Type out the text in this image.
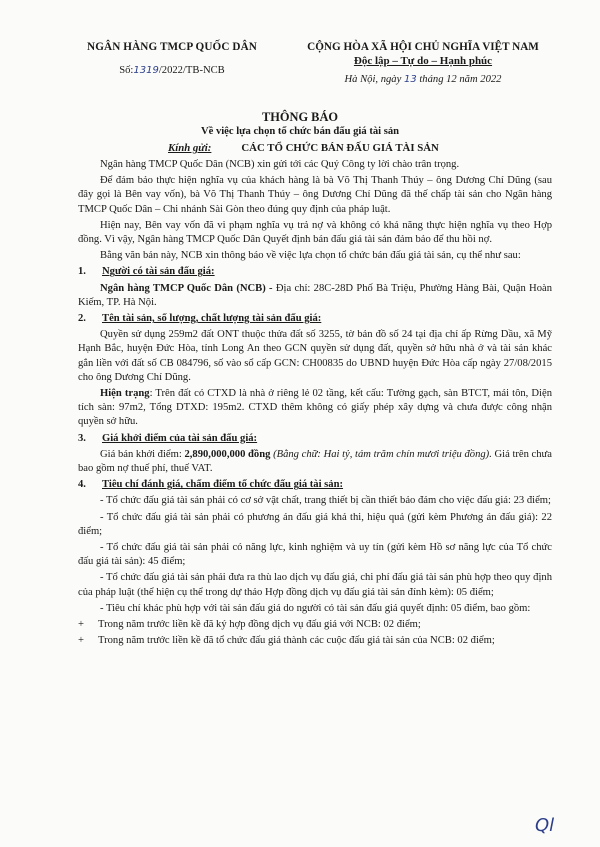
NGÂN HÀNG TMCP QUỐC DÂN
Số:1319/2022/TB-NCB
CỘNG HÒA XÃ HỘI CHỦ NGHĨA VIỆT NAM
Độc lập – Tự do – Hạnh phúc
Hà Nội, ngày 13 tháng 12 năm 2022
THÔNG BÁO
Về việc lựa chọn tổ chức bán đấu giá tài sản
Kính gửi:	CÁC TỔ CHỨC BÁN ĐẤU GIÁ TÀI SẢN

Ngân hàng TMCP Quốc Dân (NCB) xin gửi tới các Quý Công ty lời chào trân trọng.

Để đảm bảo thực hiện nghĩa vụ của khách hàng là bà Võ Thị Thanh Thúy – ông Dương Chí Dũng (sau đây gọi là Bên vay vốn), bà Võ Thị Thanh Thúy – ông Dương Chí Dũng đã thế chấp tài sản cho Ngân hàng TMCP Quốc Dân – Chi nhánh Sài Gòn theo đúng quy định của pháp luật.

Hiện nay, Bên vay vốn đã vi phạm nghĩa vụ trả nợ và không có khả năng thực hiện nghĩa vụ theo Hợp đồng. Vì vậy, Ngân hàng TMCP Quốc Dân Quyết định bán đấu giá tài sản đảm bảo để thu hồi nợ.

Bằng văn bản này, NCB xin thông báo về việc lựa chọn tổ chức bán đấu giá tài sản, cụ thể như sau:

1.	Người có tài sản đấu giá:

Ngân hàng TMCP Quốc Dân (NCB) - Địa chỉ: 28C-28D Phố Bà Triệu, Phường Hàng Bài, Quận Hoàn Kiếm, TP. Hà Nội.

2.	Tên tài sản, số lượng, chất lượng tài sản đấu giá:

Quyền sử dụng 259m2 đất ONT thuộc thửa đất số 3255, tờ bản đồ số 24 tại địa chỉ ấp Rừng Dầu, xã Mỹ Hạnh Bắc, huyện Đức Hòa, tỉnh Long An theo GCN quyền sử dụng đất, quyền sở hữu nhà ở và tài sản khác gắn liền với đất số CB 084796, số vào sổ cấp GCN: CH00835 do UBND huyện Đức Hòa cấp ngày 27/08/2015 cho ông Dương Chí Dũng.

Hiện trạng: Trên đất có CTXD là nhà ở riêng lẻ 02 tầng, kết cấu: Tường gạch, sàn BTCT, mái tôn, Diện tích sàn: 97m2, Tổng DTXD: 195m2. CTXD thêm không có giấy phép xây dựng và chưa được công nhận quyền sở hữu.

3.	Giá khởi điểm của tài sản đấu giá:

Giá bán khởi điểm: 2,890,000,000 đồng (Bằng chữ: Hai tỷ, tám trăm chín mươi triệu đồng). Giá trên chưa bao gồm nợ thuế phí, thuế VAT.

4.	Tiêu chí đánh giá, chấm điểm tổ chức đấu giá tài sản:

- Tổ chức đấu giá tài sản phải có cơ sở vật chất, trang thiết bị cần thiết bảo đảm cho việc đấu giá: 23 điểm;

- Tổ chức đấu giá tài sản phải có phương án đấu giá khả thi, hiệu quả (gửi kèm Phương án đấu giá): 22 điểm;

- Tổ chức đấu giá tài sản phải có năng lực, kinh nghiệm và uy tín (gửi kèm Hồ sơ năng lực của Tổ chức đấu giá tài sản): 45 điểm;

- Tổ chức đấu giá tài sản phải đưa ra thù lao dịch vụ đấu giá, chi phí đấu giá tài sản phù hợp theo quy định của pháp luật (thể hiện cụ thể trong dự thảo Hợp đồng dịch vụ đấu giá tài sản đính kèm): 05 điểm;

- Tiêu chí khác phù hợp với tài sản đấu giá do người có tài sản đấu giá quyết định: 05 điểm, bao gồm:

+	Trong năm trước liền kề đã ký hợp đồng dịch vụ đấu giá với NCB: 02 điểm;
+	Trong năm trước liền kề đã tổ chức đấu giá thành các cuộc đấu giá tài sản của NCB: 02 điểm;
Ql
